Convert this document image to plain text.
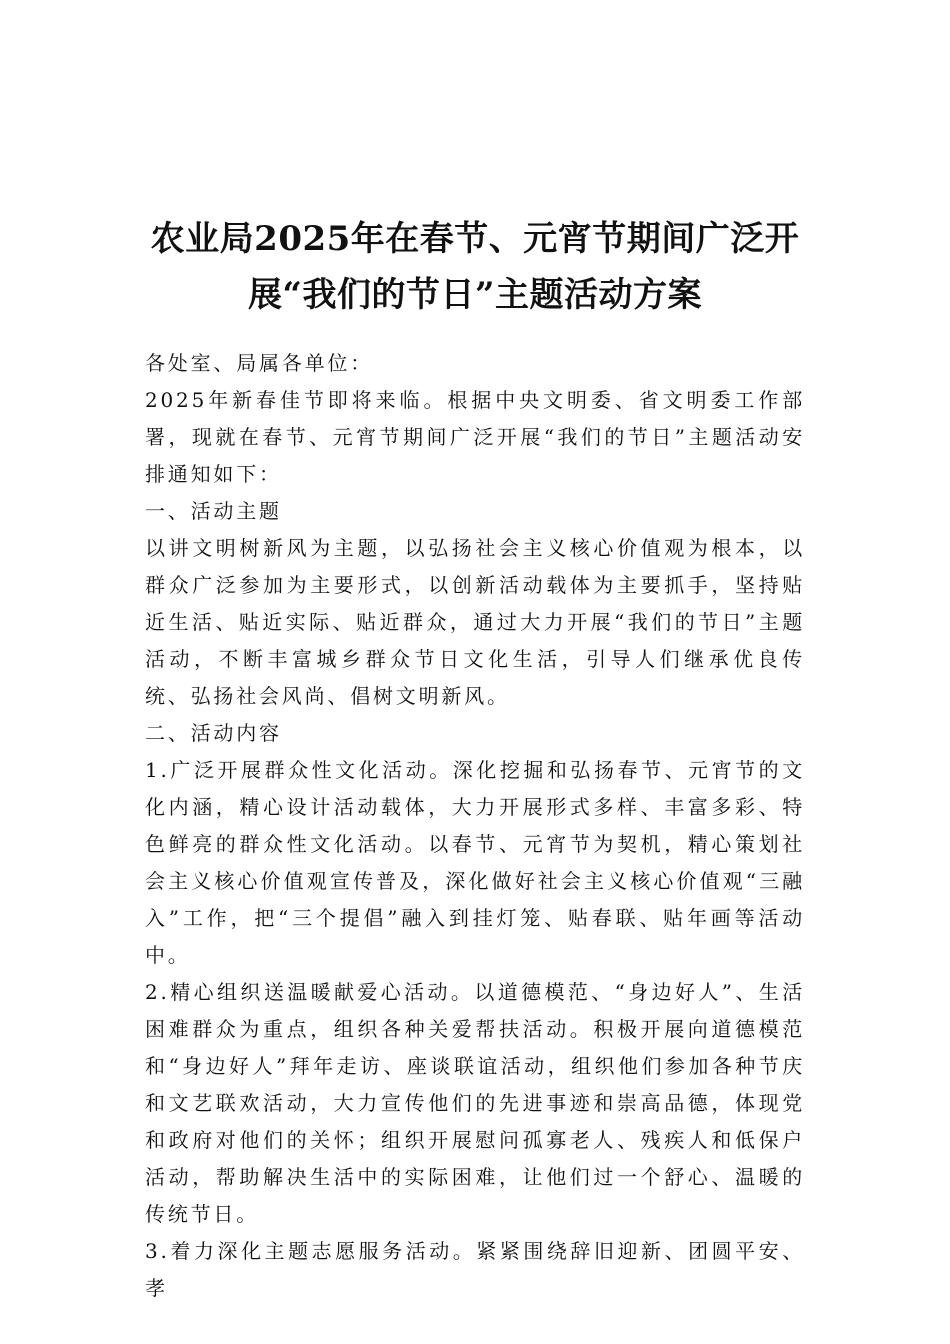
农业局2025年在春节、元宵节期间广泛开
展“我们的节日”主题活动方案

各处室、局属各单位：

2025年新春佳节即将来临。根据中央文明委、省文明委工作部署，现就在春节、元宵节期间广泛开展“我们的节日”主题活动安排通知如下：

一、活动主题

以讲文明树新风为主题，以弘扬社会主义核心价值观为根本，以群众广泛参加为主要形式，以创新活动载体为主要抓手，坚持贴近生活、贴近实际、贴近群众，通过大力开展“我们的节日”主题活动，不断丰富城乡群众节日文化生活，引导人们继承优良传统、弘扬社会风尚、倡树文明新风。

二、活动内容

1.广泛开展群众性文化活动。深化挖掘和弘扬春节、元宵节的文化内涵，精心设计活动载体，大力开展形式多样、丰富多彩、特色鲜亮的群众性文化活动。以春节、元宵节为契机，精心策划社会主义核心价值观宣传普及，深化做好社会主义核心价值观“三融入”工作，把“三个提倡”融入到挂灯笼、贴春联、贴年画等活动中。

2.精心组织送温暖献爱心活动。以道德模范、“身边好人”、生活困难群众为重点，组织各种关爱帮扶活动。积极开展向道德模范和“身边好人”拜年走访、座谈联谊活动，组织他们参加各种节庆和文艺联欢活动，大力宣传他们的先进事迹和崇高品德，体现党和政府对他们的关怀；组织开展慰问孤寡老人、残疾人和低保户活动，帮助解决生活中的实际困难，让他们过一个舒心、温暖的传统节日。

3.着力深化主题志愿服务活动。紧紧围绕辞旧迎新、团圆平安、孝
